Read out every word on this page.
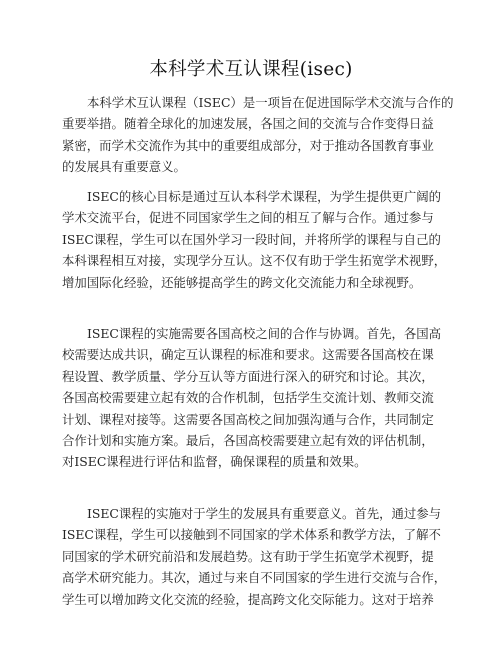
本科学术互认课程(isec)
本科学术互认课程（ISEC）是一项旨在促进国际学术交流与合作的
重要举措。随着全球化的加速发展，各国之间的交流与合作变得日益
紧密，而学术交流作为其中的重要组成部分，对于推动各国教育事业
的发展具有重要意义。
ISEC的核心目标是通过互认本科学术课程，为学生提供更广阔的
学术交流平台，促进不同国家学生之间的相互了解与合作。通过参与
ISEC课程，学生可以在国外学习一段时间，并将所学的课程与自己的
本科课程相互对接，实现学分互认。这不仅有助于学生拓宽学术视野，
增加国际化经验，还能够提高学生的跨文化交流能力和全球视野。
ISEC课程的实施需要各国高校之间的合作与协调。首先，各国高
校需要达成共识，确定互认课程的标准和要求。这需要各国高校在课
程设置、教学质量、学分互认等方面进行深入的研究和讨论。其次，
各国高校需要建立起有效的合作机制，包括学生交流计划、教师交流
计划、课程对接等。这需要各国高校之间加强沟通与合作，共同制定
合作计划和实施方案。最后，各国高校需要建立起有效的评估机制，
对ISEC课程进行评估和监督，确保课程的质量和效果。
ISEC课程的实施对于学生的发展具有重要意义。首先，通过参与
ISEC课程，学生可以接触到不同国家的学术体系和教学方法，了解不
同国家的学术研究前沿和发展趋势。这有助于学生拓宽学术视野，提
高学术研究能力。其次，通过与来自不同国家的学生进行交流与合作，
学生可以增加跨文化交流的经验，提高跨文化交际能力。这对于培养
